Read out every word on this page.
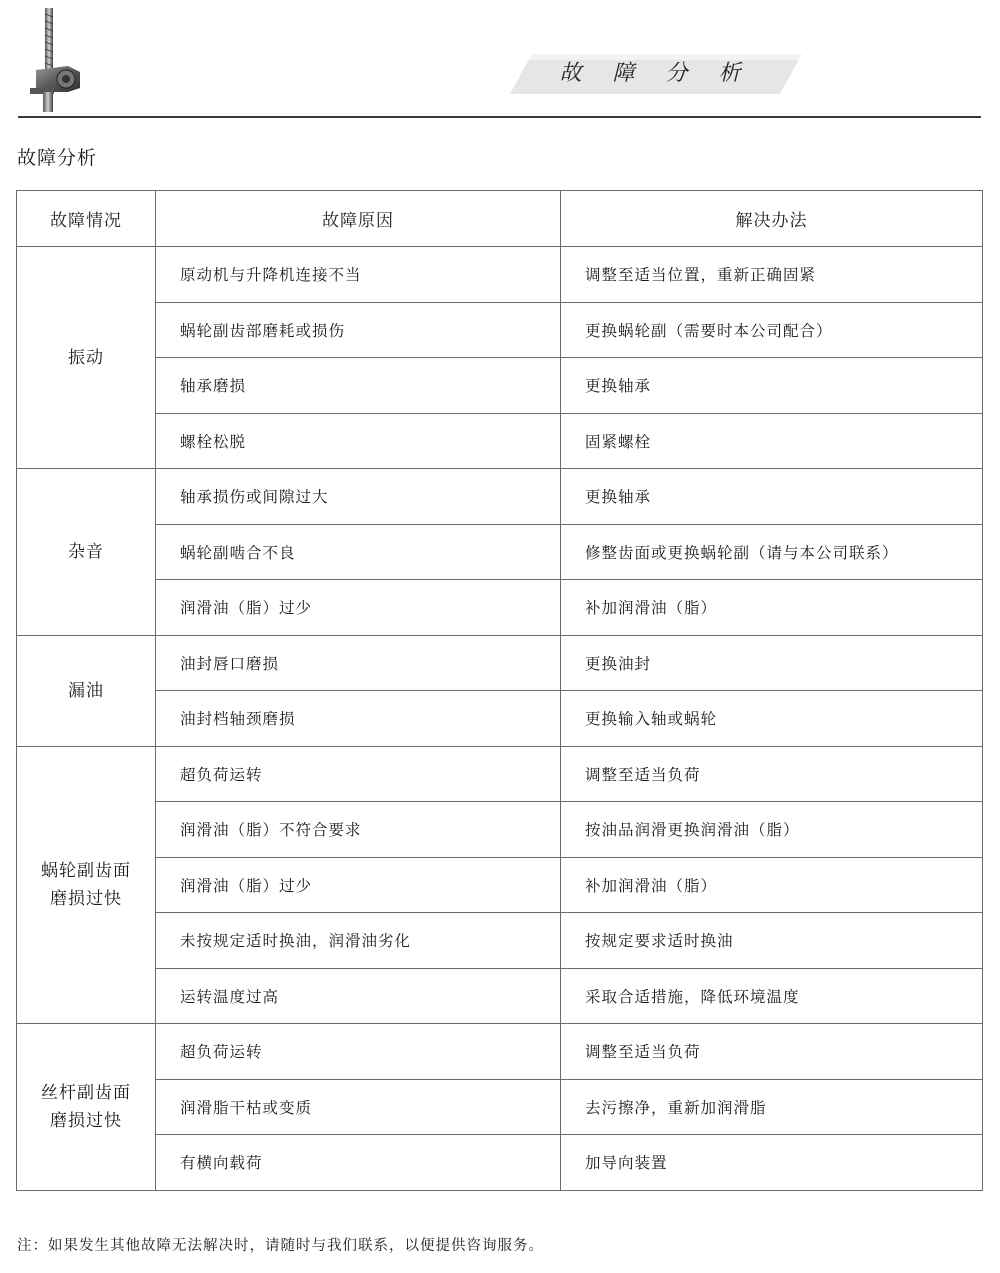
故 障 分 析
故障分析
故障情况	故障原因	解决办法
振动	原动机与升降机连接不当	调整至适当位置，重新正确固紧
	蜗轮副齿部磨耗或损伤	更换蜗轮副（需要时本公司配合）
	轴承磨损	更换轴承
	螺栓松脱	固紧螺栓
杂音	轴承损伤或间隙过大	更换轴承
	蜗轮副啮合不良	修整齿面或更换蜗轮副（请与本公司联系）
	润滑油（脂）过少	补加润滑油（脂）
漏油	油封唇口磨损	更换油封
	油封档轴颈磨损	更换输入轴或蜗轮
蜗轮副齿面
磨损过快	超负荷运转	调整至适当负荷
	润滑油（脂）不符合要求	按油品润滑更换润滑油（脂）
	润滑油（脂）过少	补加润滑油（脂）
	未按规定适时换油，润滑油劣化	按规定要求适时换油
	运转温度过高	采取合适措施，降低环境温度
丝杆副齿面
磨损过快	超负荷运转	调整至适当负荷
	润滑脂干枯或变质	去污擦净，重新加润滑脂
	有横向载荷	加导向装置
注：如果发生其他故障无法解决时，请随时与我们联系，以便提供咨询服务。
